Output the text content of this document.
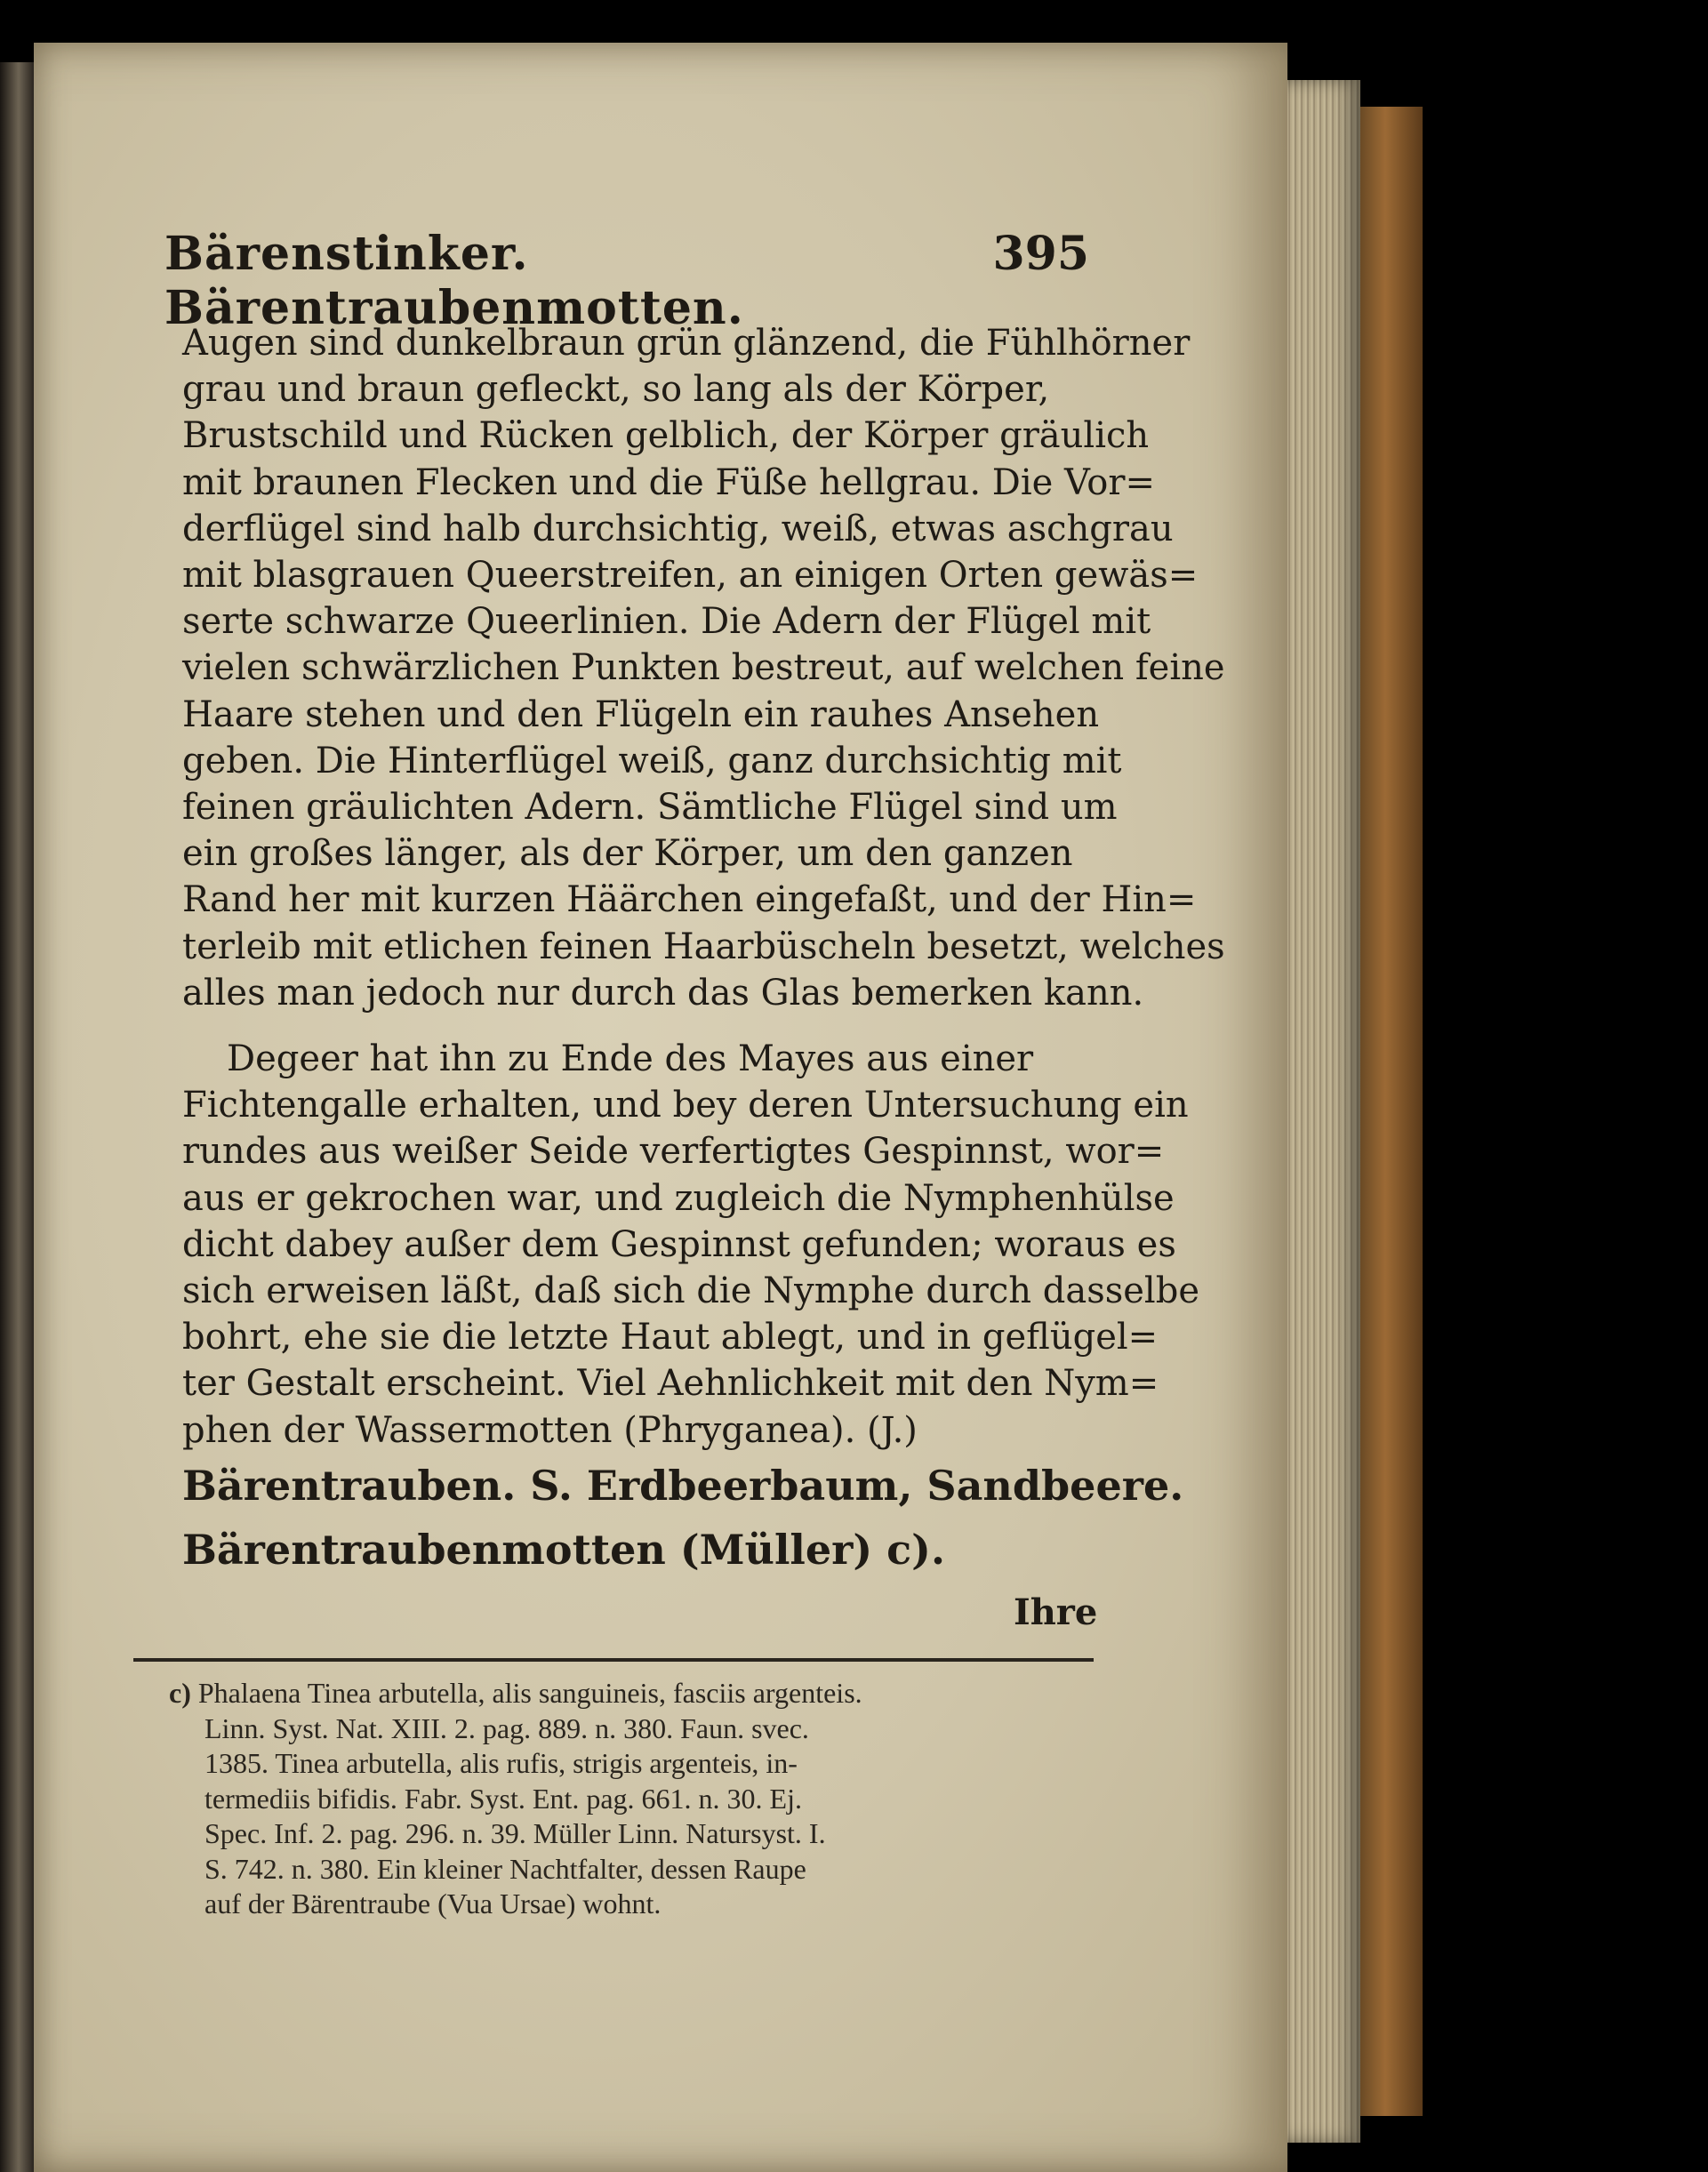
Bärenstinker. Bärentraubenmotten.
395
Augen sind dunkelbraun grün glänzend, die Fühlhörner
grau und braun gefleckt, so lang als der Körper,
Brustschild und Rücken gelblich, der Körper gräulich
mit braunen Flecken und die Füße hellgrau. Die Vor=
derflügel sind halb durchsichtig, weiß, etwas aschgrau
mit blasgrauen Queerstreifen, an einigen Orten gewäs=
serte schwarze Queerlinien. Die Adern der Flügel mit
vielen schwärzlichen Punkten bestreut, auf welchen feine
Haare stehen und den Flügeln ein rauhes Ansehen
geben. Die Hinterflügel weiß, ganz durchsichtig mit
feinen gräulichten Adern. Sämtliche Flügel sind um
ein großes länger, als der Körper, um den ganzen
Rand her mit kurzen Häärchen eingefaßt, und der Hin=
terleib mit etlichen feinen Haarbüscheln besetzt, welches
alles man jedoch nur durch das Glas bemerken kann.
Degeer hat ihn zu Ende des Mayes aus einer
Fichtengalle erhalten, und bey deren Untersuchung ein
rundes aus weißer Seide verfertigtes Gespinnst, wor=
aus er gekrochen war, und zugleich die Nymphenhülse
dicht dabey außer dem Gespinnst gefunden; woraus es
sich erweisen läßt, daß sich die Nymphe durch dasselbe
bohrt, ehe sie die letzte Haut ablegt, und in geflügel=
ter Gestalt erscheint. Viel Aehnlichkeit mit den Nym=
phen der Wassermotten (Phryganea). (J.)
Bärentrauben. S. Erdbeerbaum, Sandbeere.
Bärentraubenmotten (Müller) c).
Ihre
c) Phalaena Tinea arbutella, alis sanguineis, fasciis argenteis.
Linn. Syst. Nat. XIII. 2. pag. 889. n. 380. Faun. svec.
1385. Tinea arbutella, alis rufis, strigis argenteis, in-
termediis bifidis. Fabr. Syst. Ent. pag. 661. n. 30. Ej.
Spec. Inf. 2. pag. 296. n. 39. Müller Linn. Natursyst. I.
S. 742. n. 380. Ein kleiner Nachtfalter, dessen Raupe
auf der Bärentraube (Vua Ursae) wohnt.
